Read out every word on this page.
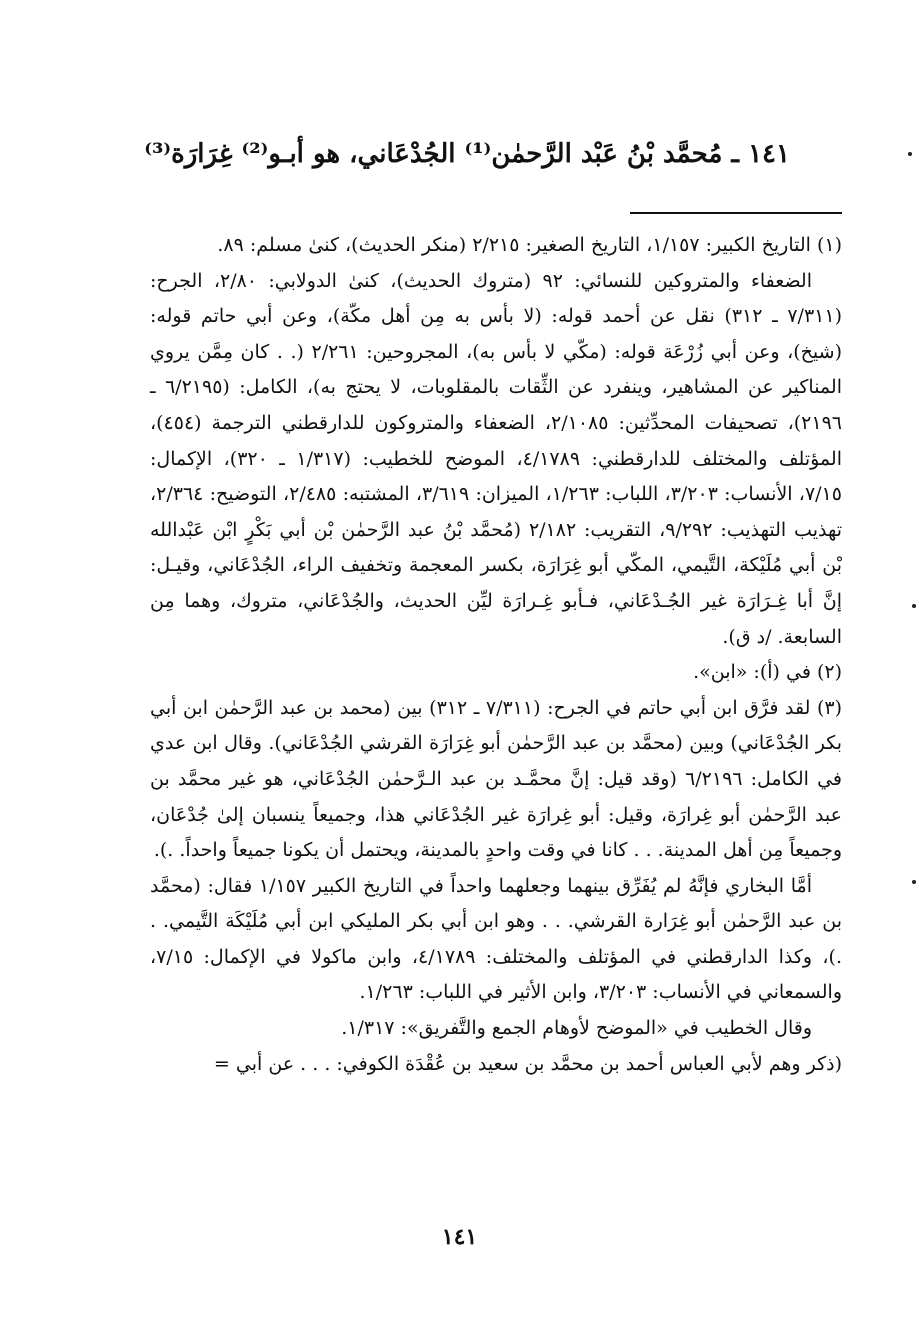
١٤١ ـ مُحمَّد بْنُ عَبْد الرَّحمٰن⁽¹⁾ الجُدْعَاني، هو أبـو⁽²⁾ غِرَارَة⁽³⁾

(١) التاريخ الكبير: ١/١٥٧، التاريخ الصغير: ٢/٢١٥ (منكر الحديث)، كنىٰ مسلم: ٨٩.

الضعفاء والمتروكين للنسائي: ٩٢ (متروك الحديث)، كنىٰ الدولابي: ٢/٨٠، الجرح: (٧/٣١١ ـ ٣١٢) نقل عن أحمد قوله: (لا بأس به مِن أهل مكّة)، وعن أبي حاتم قوله: (شيخ)، وعن أبي زُرْعَة قوله: (مكّي لا بأس به)، المجروحين: ٢/٢٦١ (. . كان مِمَّن يروي المناكير عن المشاهير، وينفرد عن الثِّقات بالمقلوبات، لا يحتج به)، الكامل: (٦/٢١٩٥ ـ ٢١٩٦)، تصحيفات المحدِّثين: ٢/١٠٨٥، الضعفاء والمتروكون للدارقطني الترجمة (٤٥٤)، المؤتلف والمختلف للدارقطني: ٤/١٧٨٩، الموضح للخطيب: (١/٣١٧ ـ ٣٢٠)، الإكمال: ٧/١٥، الأنساب: ٣/٢٠٣، اللباب: ١/٢٦٣، الميزان: ٣/٦١٩، المشتبه: ٢/٤٨٥، التوضيح: ٢/٣٦٤، تهذيب التهذيب: ٩/٢٩٢، التقريب: ٢/١٨٢ (مُحمَّد بْنُ عبد الرَّحمٰن بْن أبي بَكْرٍ ابْن عَبْدالله بْن أبي مُلَيْكة، التَّيمي، المكّي أبو غِرَارَة، بكسر المعجمة وتخفيف الراء، الجُدْعَاني، وقيـل: إنَّ أبا غِـرَارَة غير الجُـدْعَاني، فـأبو غِـرارَة ليِّن الحديث، والجُدْعَاني، متروك، وهما مِن السابعة. /د ق).

(٢) في (أ): «ابن».

(٣) لقد فرَّق ابن أبي حاتم في الجرح: (٧/٣١١ ـ ٣١٢) بين (محمد بن عبد الرَّحمٰن ابن أبي بكر الجُدْعَاني) وبين (محمَّد بن عبد الرَّحمٰن أبو غِرَارَة القرشي الجُدْعَاني). وقال ابن عدي في الكامل: ٦/٢١٩٦ (وقد قيل: إنَّ محمَّـد بن عبد الـرَّحمٰن الجُدْعَاني، هو غير محمَّد بن عبد الرَّحمٰن أبو غِرارَة، وقيل: أبو غِرارَة غير الجُدْعَاني هذا، وجميعاً ينسبان إلىٰ جُدْعَان، وجميعاً مِن أهل المدينة. . . كانا في وقت واحدٍ بالمدينة، ويحتمل أن يكونا جميعاً واحداً. .).

أمَّا البخاري فإنَّهُ لم يُفَرِّق بينهما وجعلهما واحداً في التاريخ الكبير ١/١٥٧ فقال: (محمَّد بن عبد الرَّحمٰن أبو غِرَارة القرشي. . . وهو ابن أبي بكر المليكي ابن أبي مُلَيْكَة التَّيمي. . .)، وكذا الدارقطني في المؤتلف والمختلف: ٤/١٧٨٩، وابن ماكولا في الإكمال: ٧/١٥، والسمعاني في الأنساب: ٣/٢٠٣، وابن الأثير في اللباب: ١/٢٦٣.

وقال الخطيب في «الموضح لأوهام الجمع والتَّفريق»: ١/٣١٧.

(ذكر وهم لأبي العباس أحمد بن محمَّد بن سعيد بن عُقْدَة الكوفي: . . . عن أبي =

١٤١
